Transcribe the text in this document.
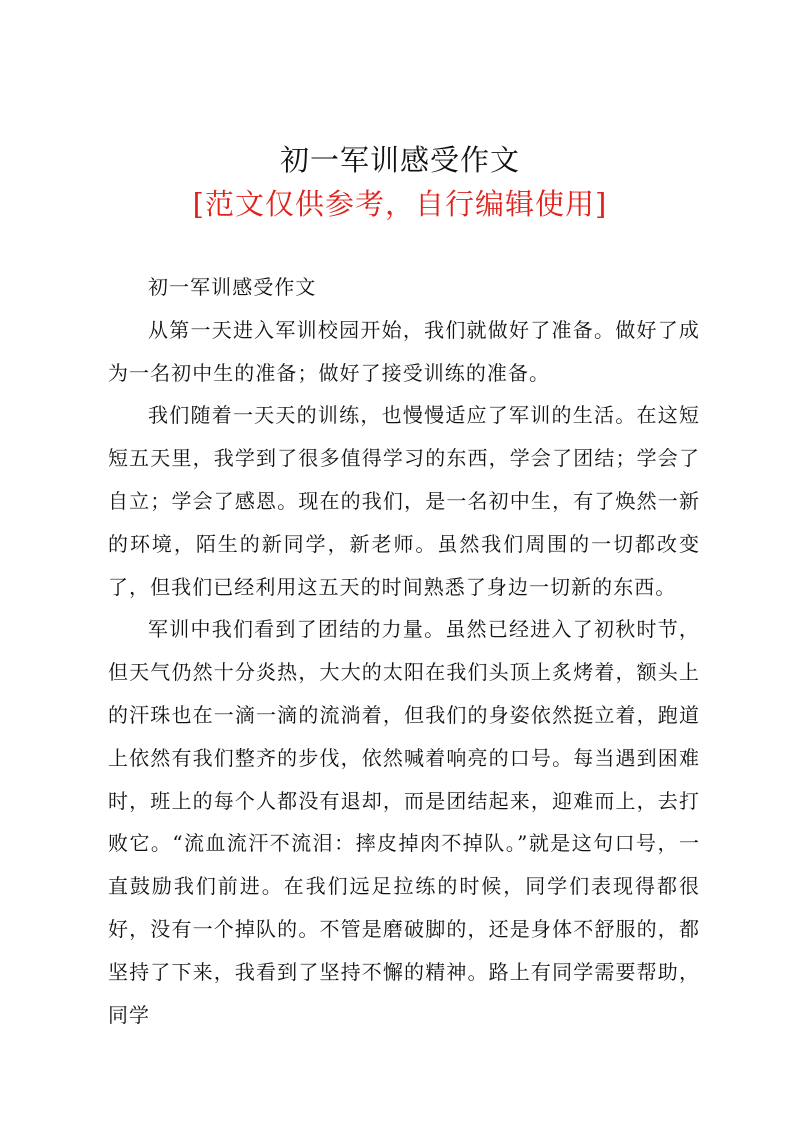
初一军训感受作文
[范文仅供参考，自行编辑使用]

初一军训感受作文

从第一天进入军训校园开始，我们就做好了准备。做好了成为一名初中生的准备；做好了接受训练的准备。

我们随着一天天的训练，也慢慢适应了军训的生活。在这短短五天里，我学到了很多值得学习的东西，学会了团结；学会了自立；学会了感恩。现在的我们，是一名初中生，有了焕然一新的环境，陌生的新同学，新老师。虽然我们周围的一切都改变了，但我们已经利用这五天的时间熟悉了身边一切新的东西。

军训中我们看到了团结的力量。虽然已经进入了初秋时节，但天气仍然十分炎热，大大的太阳在我们头顶上炙烤着，额头上的汗珠也在一滴一滴的流淌着，但我们的身姿依然挺立着，跑道上依然有我们整齐的步伐，依然喊着响亮的口号。每当遇到困难时，班上的每个人都没有退却，而是团结起来，迎难而上，去打败它。“流血流汗不流泪：摔皮掉肉不掉队。”就是这句口号，一直鼓励我们前进。在我们远足拉练的时候，同学们表现得都很好，没有一个掉队的。不管是磨破脚的，还是身体不舒服的，都坚持了下来，我看到了坚持不懈的精神。路上有同学需要帮助，同学
